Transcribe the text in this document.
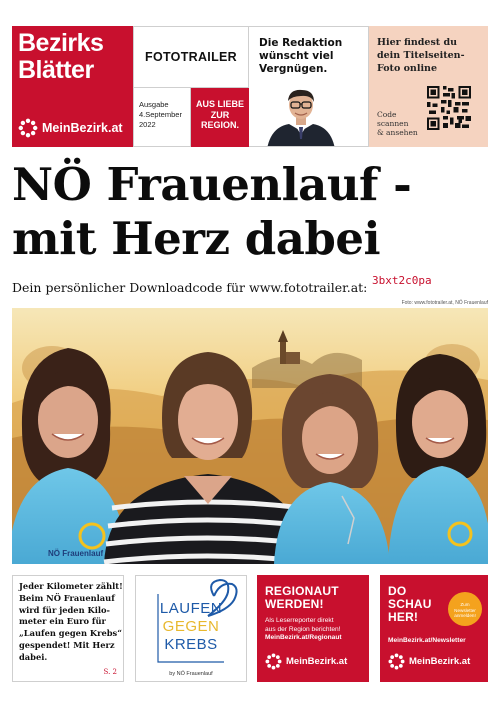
Bezirks
Blätter
MeinBezirk.at
FOTOTRAILER
Ausgabe
4.September
2022
AUS LIEBE
ZUR
REGION.
Die Redaktion
wünscht viel
Vergnügen.
Hier findest du
dein Titelseiten-
Foto online
Code
scannen
& ansehen
NÖ Frauenlauf -
mit Herz dabei
Dein persönlicher Downloadcode für www.fototrailer.at: 3bxt2c0pa
Foto: www.fototrailer.at, NÖ Frauenlauf
NÖ Frauenlauf
Jeder Kilometer zählt!
Beim NÖ Frauenlauf
wird für jeden Kilo-
meter ein Euro für
„Laufen gegen Krebs“
gespendet! Mit Herz
dabei.
S. 2
LAUFEN
GEGEN
KREBS
by NÖ Frauenlauf
REGIONAUT
WERDEN!
Als Leserreporter direkt
aus der Region berichten!
MeinBezirk.at/Regionaut
MeinBezirk.at
DO
SCHAU
HER!
Zum
Newsletter
anmelden!
MeinBezirk.at/Newsletter
MeinBezirk.at
